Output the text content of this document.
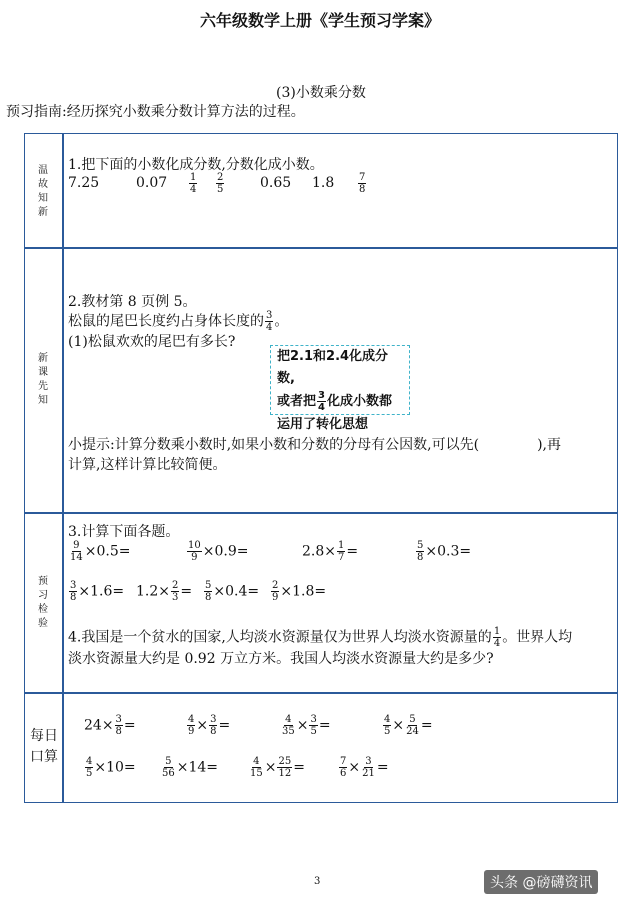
六年级数学上册《学生预习学案》
(3)小数乘分数
预习指南:经历探究小数乘分数计算方法的过程。
温故知新
新课先知
预习检验
每日
口算
1.把下面的小数化成分数,分数化成小数。
7.25	$0.07 \frac{1}{4} \frac{2}{5}$	0.65 $1.8 \frac{7}{8}$
2.教材第 8 页例 5。
松鼠的尾巴长度约占身体长度的 $\frac{3}{4}$ 。
(1)松鼠欢欢的尾巴有多长?
把2.1和2.4化成分数,
或者把 $\frac{3}{4}$ 化成小数都
运用了转化思想
小提示:计算分数乘小数时,如果小数和分数的分母有公因数,可以先(	),再
计算,这样计算比较简便。
3.计算下面各题。
$\frac{9}{14} \times 0.5=$	$\frac{10}{9} \times 0.9=$	$2.8\times \frac{1}{7}$ =	$\frac{5}{8} \times 0.3=$
$\frac{3}{8} \times 1.6= 1.2\times \frac{2}{3} = \frac{5}{8} \times 0.4= \frac{2}{9} \times 1.8=$
4.我国是一个贫水的国家,人均淡水资源量仅为世界人均淡水资源量的 $\frac{1}{4}$ 。世界人均
淡水资源量大约是 0.92 万立方米。我国人均淡水资源量大约是多少?
$24\times \frac{3}{8}$ =	$\frac{4}{9} \times \frac{3}{8}$ =	$\frac{4}{35} \times \frac{3}{5}$ =	$\frac{4}{5} \times \frac{5}{24}$ =
$\frac{4}{5} \times 10=$	$\frac{5}{56} \times 14=$	$\frac{4}{15} \times \frac{25}{12}$ =	$\frac{7}{6} \times \frac{3}{21}$ =
3	头条 @磅礴资讯
